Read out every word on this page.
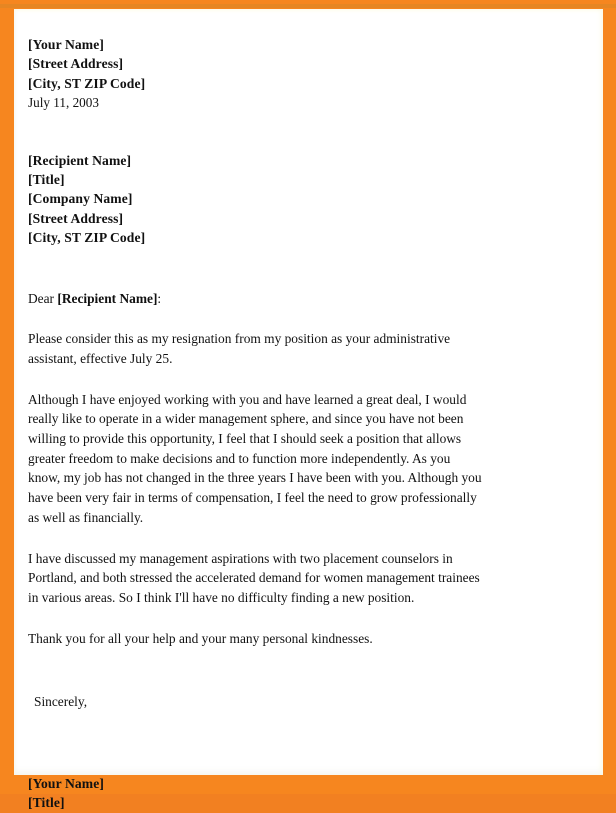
[Your Name]
[Street Address]
[City, ST ZIP Code]
July 11, 2003
[Recipient Name]
[Title]
[Company Name]
[Street Address]
[City, ST ZIP Code]
Dear [Recipient Name]:
Please consider this as my resignation from my position as your administrative
assistant, effective July 25.
Although I have enjoyed working with you and have learned a great deal, I would
really like to operate in a wider management sphere, and since you have not been
willing to provide this opportunity, I feel that I should seek a position that allows
greater freedom to make decisions and to function more independently. As you
know, my job has not changed in the three years I have been with you. Although you
have been very fair in terms of compensation, I feel the need to grow professionally
as well as financially.
I have discussed my management aspirations with two placement counselors in
Portland, and both stressed the accelerated demand for women management trainees
in various areas. So I think I'll have no difficulty finding a new position.
Thank you for all your help and your many personal kindnesses.
Sincerely,
[Your Name]
[Title]
